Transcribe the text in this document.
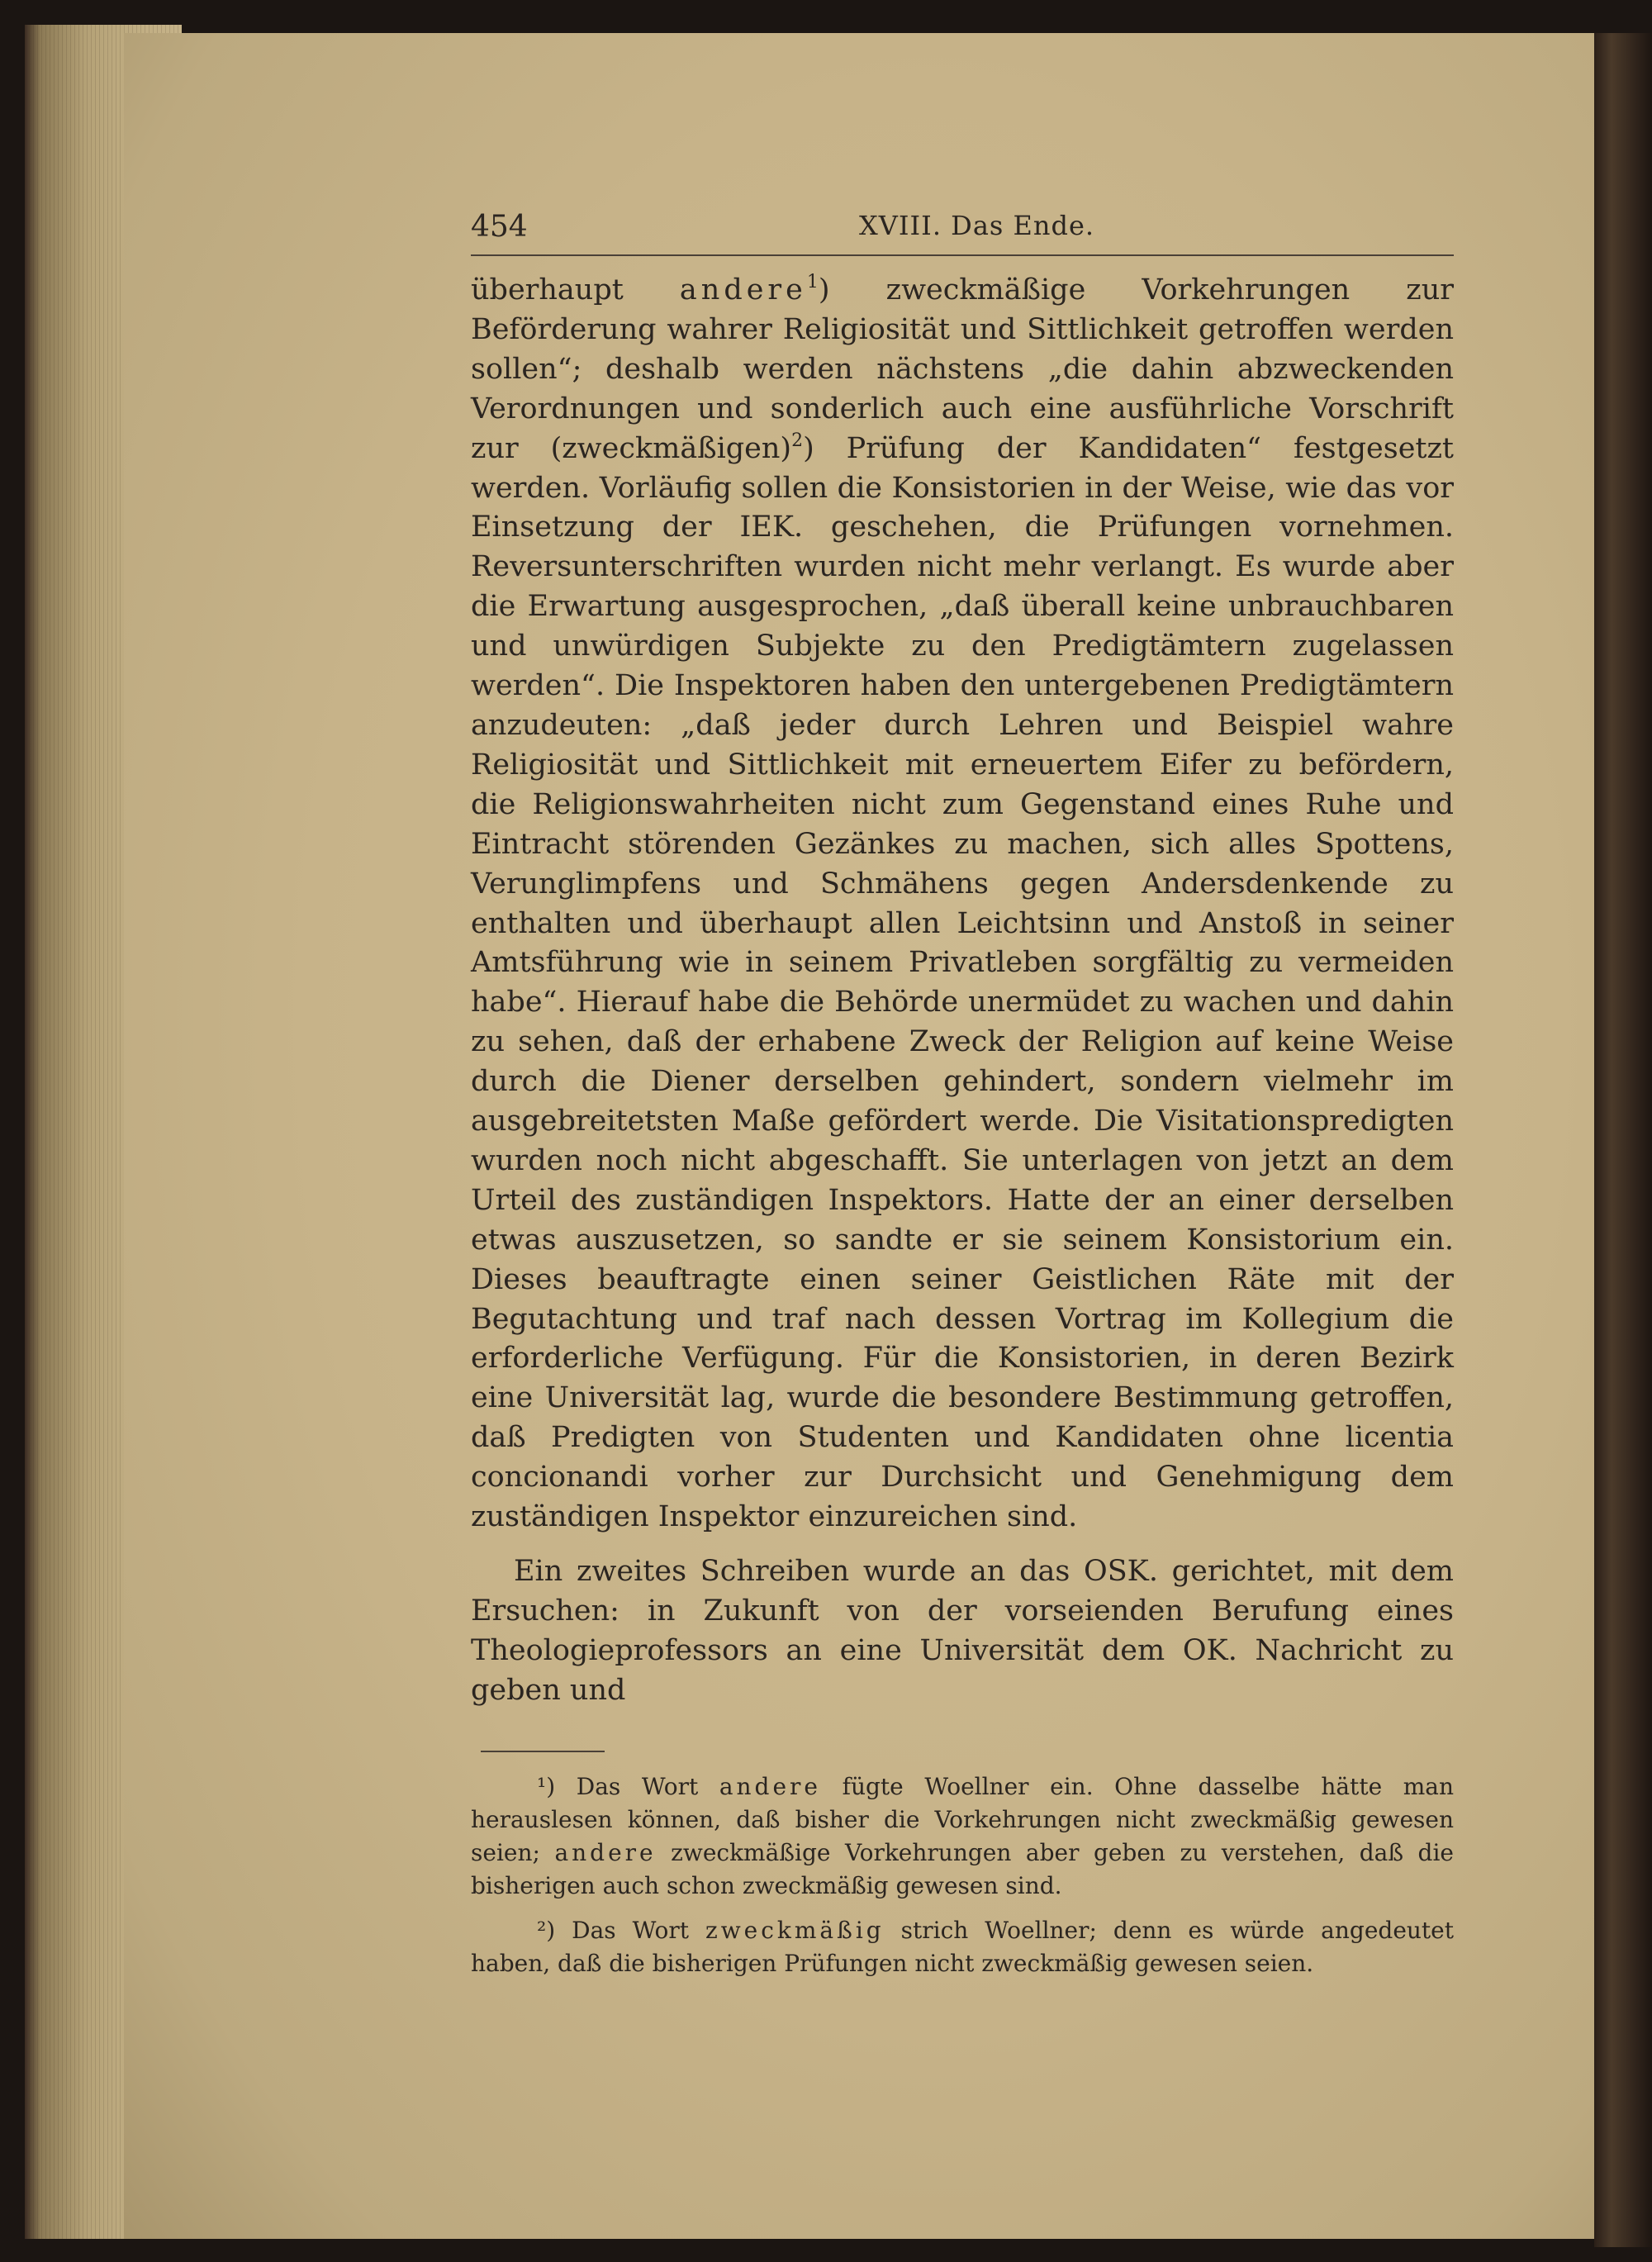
454	XVIII. Das Ende.

überhaupt andere$^1$) zweckmäßige Vorkehrungen zur Beförderung wahrer Religiosität und Sittlichkeit getroffen werden sollen“; deshalb werden nächstens „die dahin abzweckenden Verordnungen und sonderlich auch eine ausführliche Vorschrift zur (zweckmäßigen)$^2$) Prüfung der Kandidaten“ festgesetzt werden. Vorläufig sollen die Konsistorien in der Weise, wie das vor Einsetzung der IEK. geschehen, die Prüfungen vornehmen. Reversunterschriften wurden nicht mehr verlangt. Es wurde aber die Erwartung ausgesprochen, „daß überall keine unbrauchbaren und unwürdigen Subjekte zu den Predigtämtern zugelassen werden“. Die Inspektoren haben den untergebenen Predigtämtern anzudeuten: „daß jeder durch Lehren und Beispiel wahre Religiosität und Sittlichkeit mit erneuertem Eifer zu befördern, die Religionswahrheiten nicht zum Gegenstand eines Ruhe und Eintracht störenden Gezänkes zu machen, sich alles Spottens, Verunglimpfens und Schmähens gegen Andersdenkende zu enthalten und überhaupt allen Leichtsinn und Anstoß in seiner Amtsführung wie in seinem Privatleben sorgfältig zu vermeiden habe“. Hierauf habe die Behörde unermüdet zu wachen und dahin zu sehen, daß der erhabene Zweck der Religion auf keine Weise durch die Diener derselben gehindert, sondern vielmehr im ausgebreitetsten Maße gefördert werde. Die Visitationspredigten wurden noch nicht abgeschafft. Sie unterlagen von jetzt an dem Urteil des zuständigen Inspektors. Hatte der an einer derselben etwas auszusetzen, so sandte er sie seinem Konsistorium ein. Dieses beauftragte einen seiner Geistlichen Räte mit der Begutachtung und traf nach dessen Vortrag im Kollegium die erforderliche Verfügung. Für die Konsistorien, in deren Bezirk eine Universität lag, wurde die besondere Bestimmung getroffen, daß Predigten von Studenten und Kandidaten ohne licentia concionandi vorher zur Durchsicht und Genehmigung dem zuständigen Inspektor einzureichen sind.

Ein zweites Schreiben wurde an das OSK. gerichtet, mit dem Ersuchen: in Zukunft von der vorseienden Berufung eines Theologieprofessors an eine Universität dem OK. Nachricht zu geben und

¹) Das Wort andere fügte Woellner ein. Ohne dasselbe hätte man herauslesen können, daß bisher die Vorkehrungen nicht zweckmäßig gewesen seien; andere zweckmäßige Vorkehrungen aber geben zu verstehen, daß die bisherigen auch schon zweckmäßig gewesen sind.

²) Das Wort zweckmäßig strich Woellner; denn es würde angedeutet haben, daß die bisherigen Prüfungen nicht zweckmäßig gewesen seien.
